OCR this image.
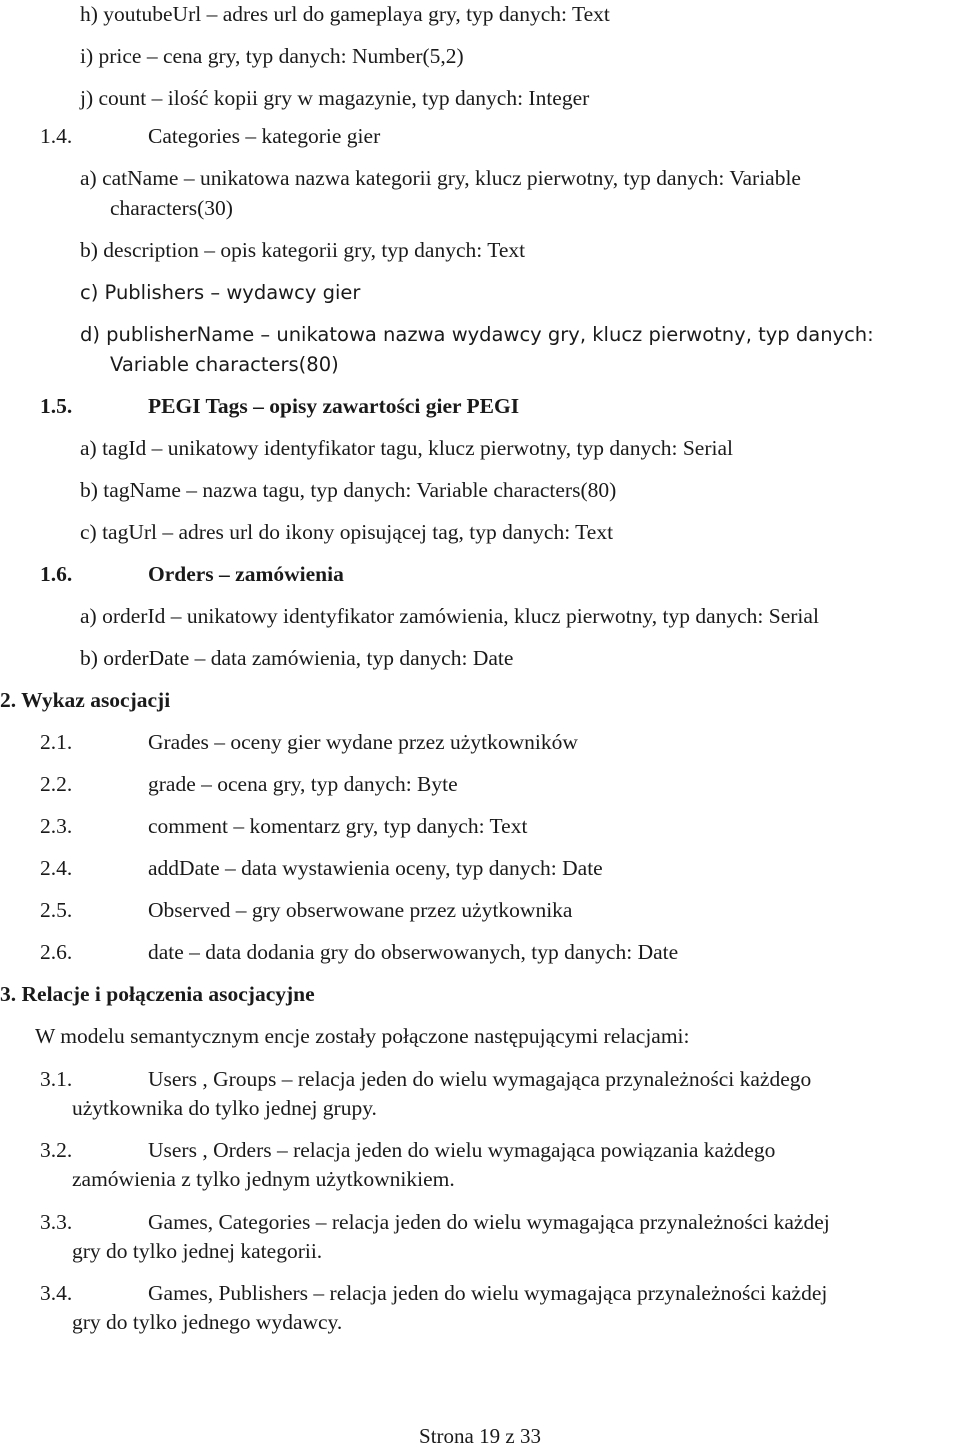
h) youtubeUrl – adres url do gameplaya gry, typ danych: Text
i) price – cena gry, typ danych: Number(5,2)
j) count – ilość kopii gry w magazynie, typ danych: Integer
1.4.	Categories – kategorie gier
a) catName – unikatowa nazwa kategorii gry, klucz pierwotny, typ danych: Variable
characters(30)
b) description – opis kategorii gry, typ danych: Text
c) Publishers – wydawcy gier
d) publisherName – unikatowa nazwa wydawcy gry, klucz pierwotny, typ danych:
Variable characters(80)
1.5.	PEGI Tags – opisy zawartości gier PEGI
a) tagId – unikatowy identyfikator tagu, klucz pierwotny, typ danych: Serial
b) tagName – nazwa tagu, typ danych: Variable characters(80)
c) tagUrl – adres url do ikony opisującej tag, typ danych: Text
1.6.	Orders – zamówienia
a) orderId – unikatowy identyfikator zamówienia, klucz pierwotny, typ danych: Serial
b) orderDate – data zamówienia, typ danych: Date
2. Wykaz asocjacji
2.1.	Grades – oceny gier wydane przez użytkowników
2.2.	grade – ocena gry, typ danych: Byte
2.3.	comment – komentarz gry, typ danych: Text
2.4.	addDate – data wystawienia oceny, typ danych: Date
2.5.	Observed – gry obserwowane przez użytkownika
2.6.	date – data dodania gry do obserwowanych, typ danych: Date
3. Relacje i połączenia asocjacyjne
W modelu semantycznym encje zostały połączone następującymi relacjami:
3.1.	Users , Groups – relacja jeden do wielu wymagająca przynależności każdego
użytkownika do tylko jednej grupy.
3.2.	Users , Orders – relacja jeden do wielu wymagająca powiązania każdego
zamówienia z tylko jednym użytkownikiem.
3.3.	Games, Categories – relacja jeden do wielu wymagająca przynależności każdej
gry do tylko jednej kategorii.
3.4.	Games, Publishers – relacja jeden do wielu wymagająca przynależności każdej
gry do tylko jednego wydawcy.
Strona 19 z 33
